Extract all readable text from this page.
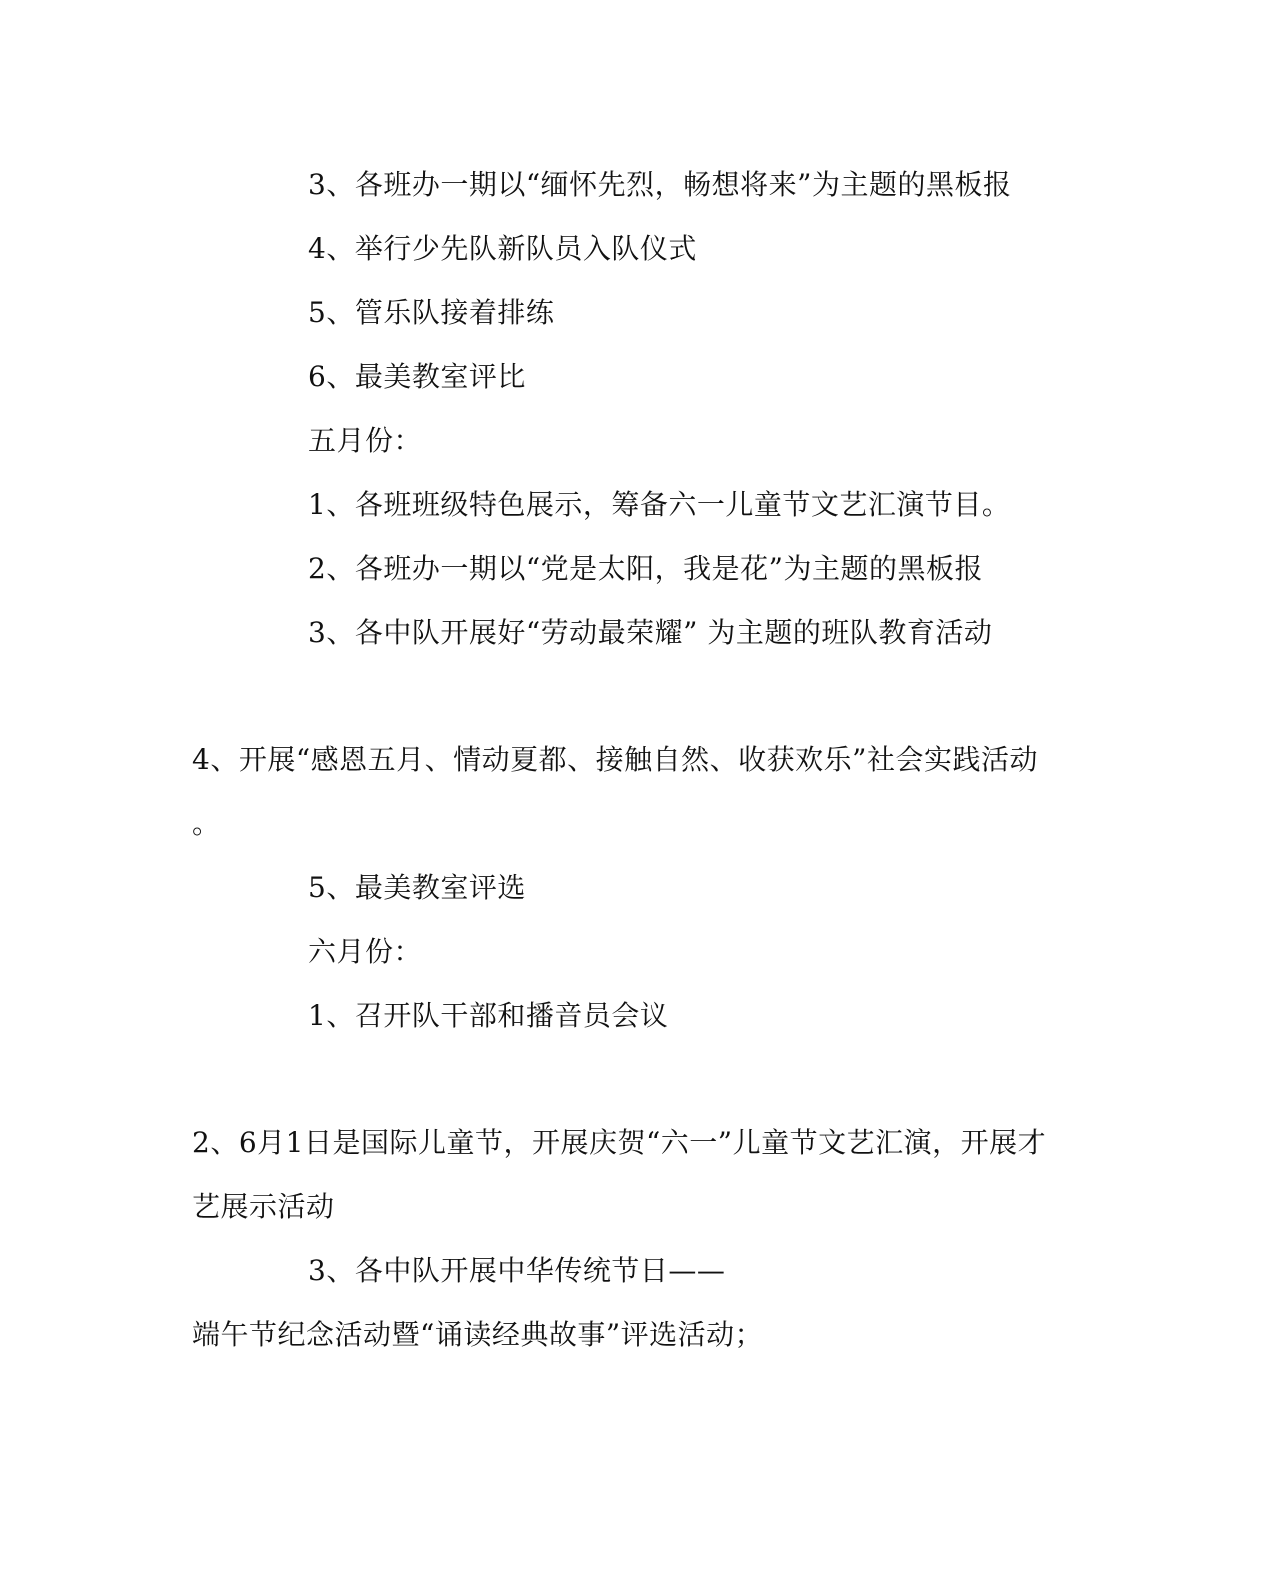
3、各班办一期以“缅怀先烈，畅想将来”为主题的黑板报
4、举行少先队新队员入队仪式
5、管乐队接着排练
6、最美教室评比
五月份：
1、各班班级特色展示，筹备六一儿童节文艺汇演节目。
2、各班办一期以“党是太阳，我是花”为主题的黑板报
3、各中队开展好“劳动最荣耀” 为主题的班队教育活动
4、开展“感恩五月、情动夏都、接触自然、收获欢乐”社会实践活动
。
5、最美教室评选
六月份：
1、召开队干部和播音员会议
2、6月1日是国际儿童节，开展庆贺“六一”儿童节文艺汇演，开展才
艺展示活动
3、各中队开展中华传统节日——
端午节纪念活动暨“诵读经典故事”评选活动；
